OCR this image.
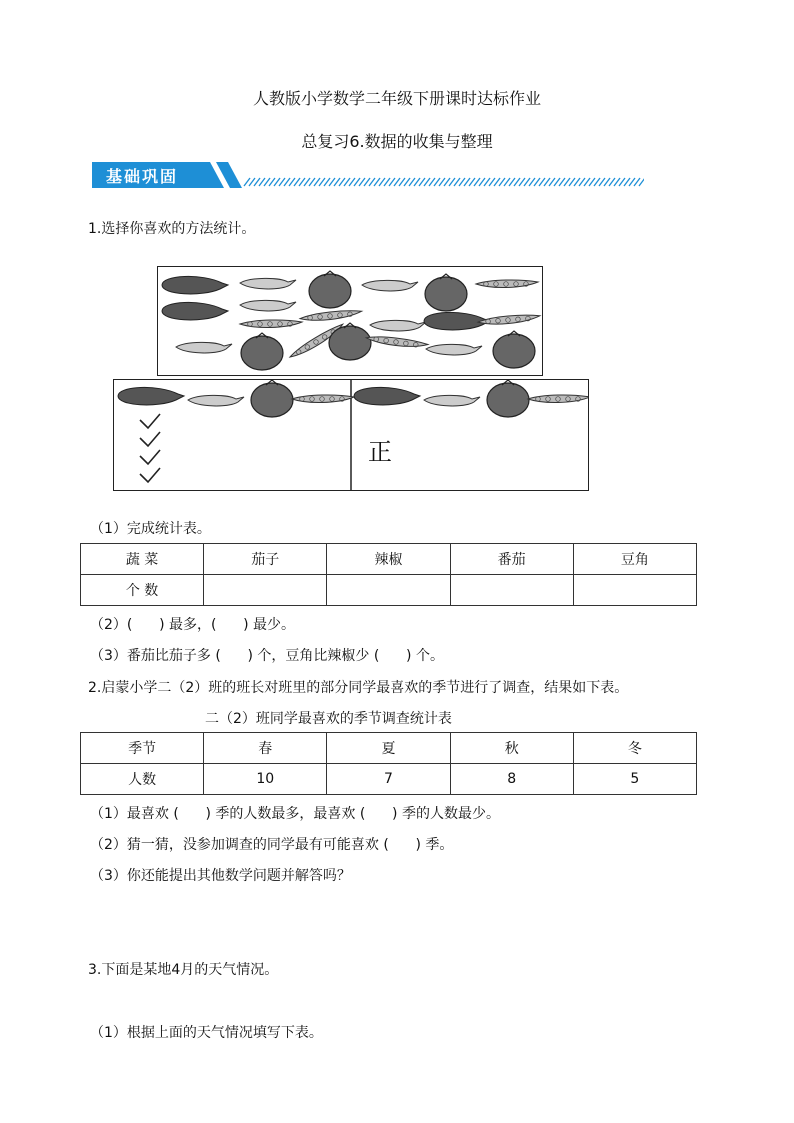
人教版小学数学二年级下册课时达标作业
总复习6.数据的收集与整理
基础巩固
1.选择你喜欢的方法统计。
正
（1）完成统计表。
蔬 菜	茄子	辣椒	番茄	豆角
个 数				
（2）(      ) 最多，(      ) 最少。
（3）番茄比茄子多 (      ) 个，豆角比辣椒少 (      ) 个。
2.启蒙小学二（2）班的班长对班里的部分同学最喜欢的季节进行了调查，结果如下表。
二（2）班同学最喜欢的季节调查统计表
季节	春	夏	秋	冬
人数	10	7	8	5
（1）最喜欢 (      ) 季的人数最多，最喜欢 (      ) 季的人数最少。
（2）猜一猜，没参加调查的同学最有可能喜欢 (      ) 季。
（3）你还能提出其他数学问题并解答吗？
3.下面是某地4月的天气情况。
（1）根据上面的天气情况填写下表。
